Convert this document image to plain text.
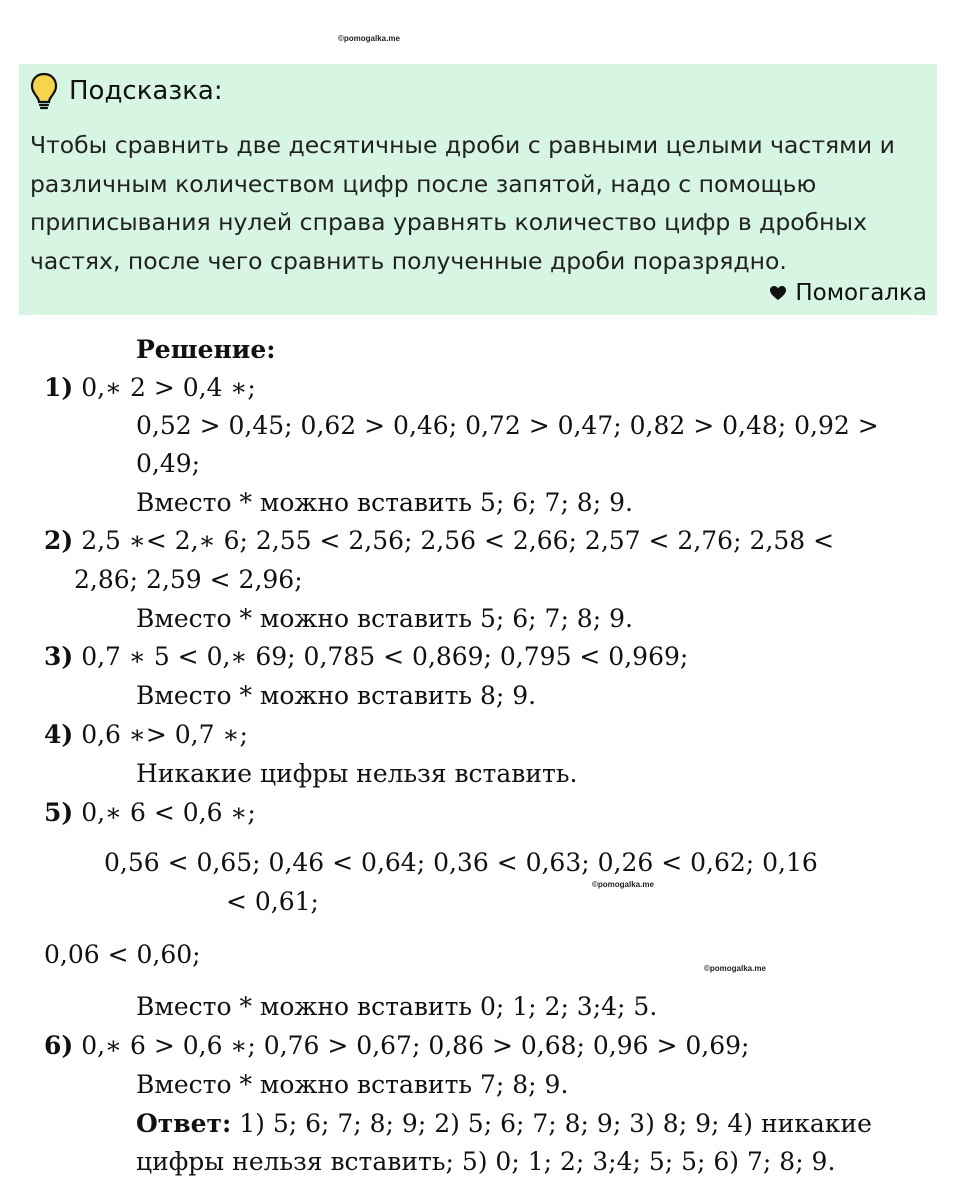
©pomogalka.me
Подсказка:
Чтобы сравнить две десятичные дроби с равными целыми частями и различным количеством цифр после запятой, надо с помощью приписывания нулей справа уравнять количество цифр в дробных частях, после чего сравнить полученные дроби поразрядно.
Помогалка
Решение:
1) 0,∗ 2 > 0,4 ∗;
0,52 > 0,45; 0,62 > 0,46; 0,72 > 0,47; 0,82 > 0,48; 0,92 >
0,49;
Вместо * можно вставить 5; 6; 7; 8; 9.
2) 2,5 ∗< 2,∗ 6; 2,55 < 2,56; 2,56 < 2,66; 2,57 < 2,76; 2,58 <
2,86; 2,59 < 2,96;
Вместо * можно вставить 5; 6; 7; 8; 9.
3) 0,7 ∗ 5 < 0,∗ 69; 0,785 < 0,869; 0,795 < 0,969;
Вместо * можно вставить 8; 9.
4) 0,6 ∗> 0,7 ∗;
Никакие цифры нельзя вставить.
5) 0,∗ 6 < 0,6 ∗;
0,56 < 0,65; 0,46 < 0,64; 0,36 < 0,63; 0,26 < 0,62; 0,16
©pomogalka.me
< 0,61;
0,06 < 0,60;	©pomogalka.me
Вместо * можно вставить 0; 1; 2; 3;4; 5.
6) 0,∗ 6 > 0,6 ∗; 0,76 > 0,67; 0,86 > 0,68; 0,96 > 0,69;
Вместо * можно вставить 7; 8; 9.
Ответ: 1) 5; 6; 7; 8; 9; 2) 5; 6; 7; 8; 9; 3) 8; 9; 4) никакие
цифры нельзя вставить; 5) 0; 1; 2; 3;4; 5; 5; 6) 7; 8; 9.
